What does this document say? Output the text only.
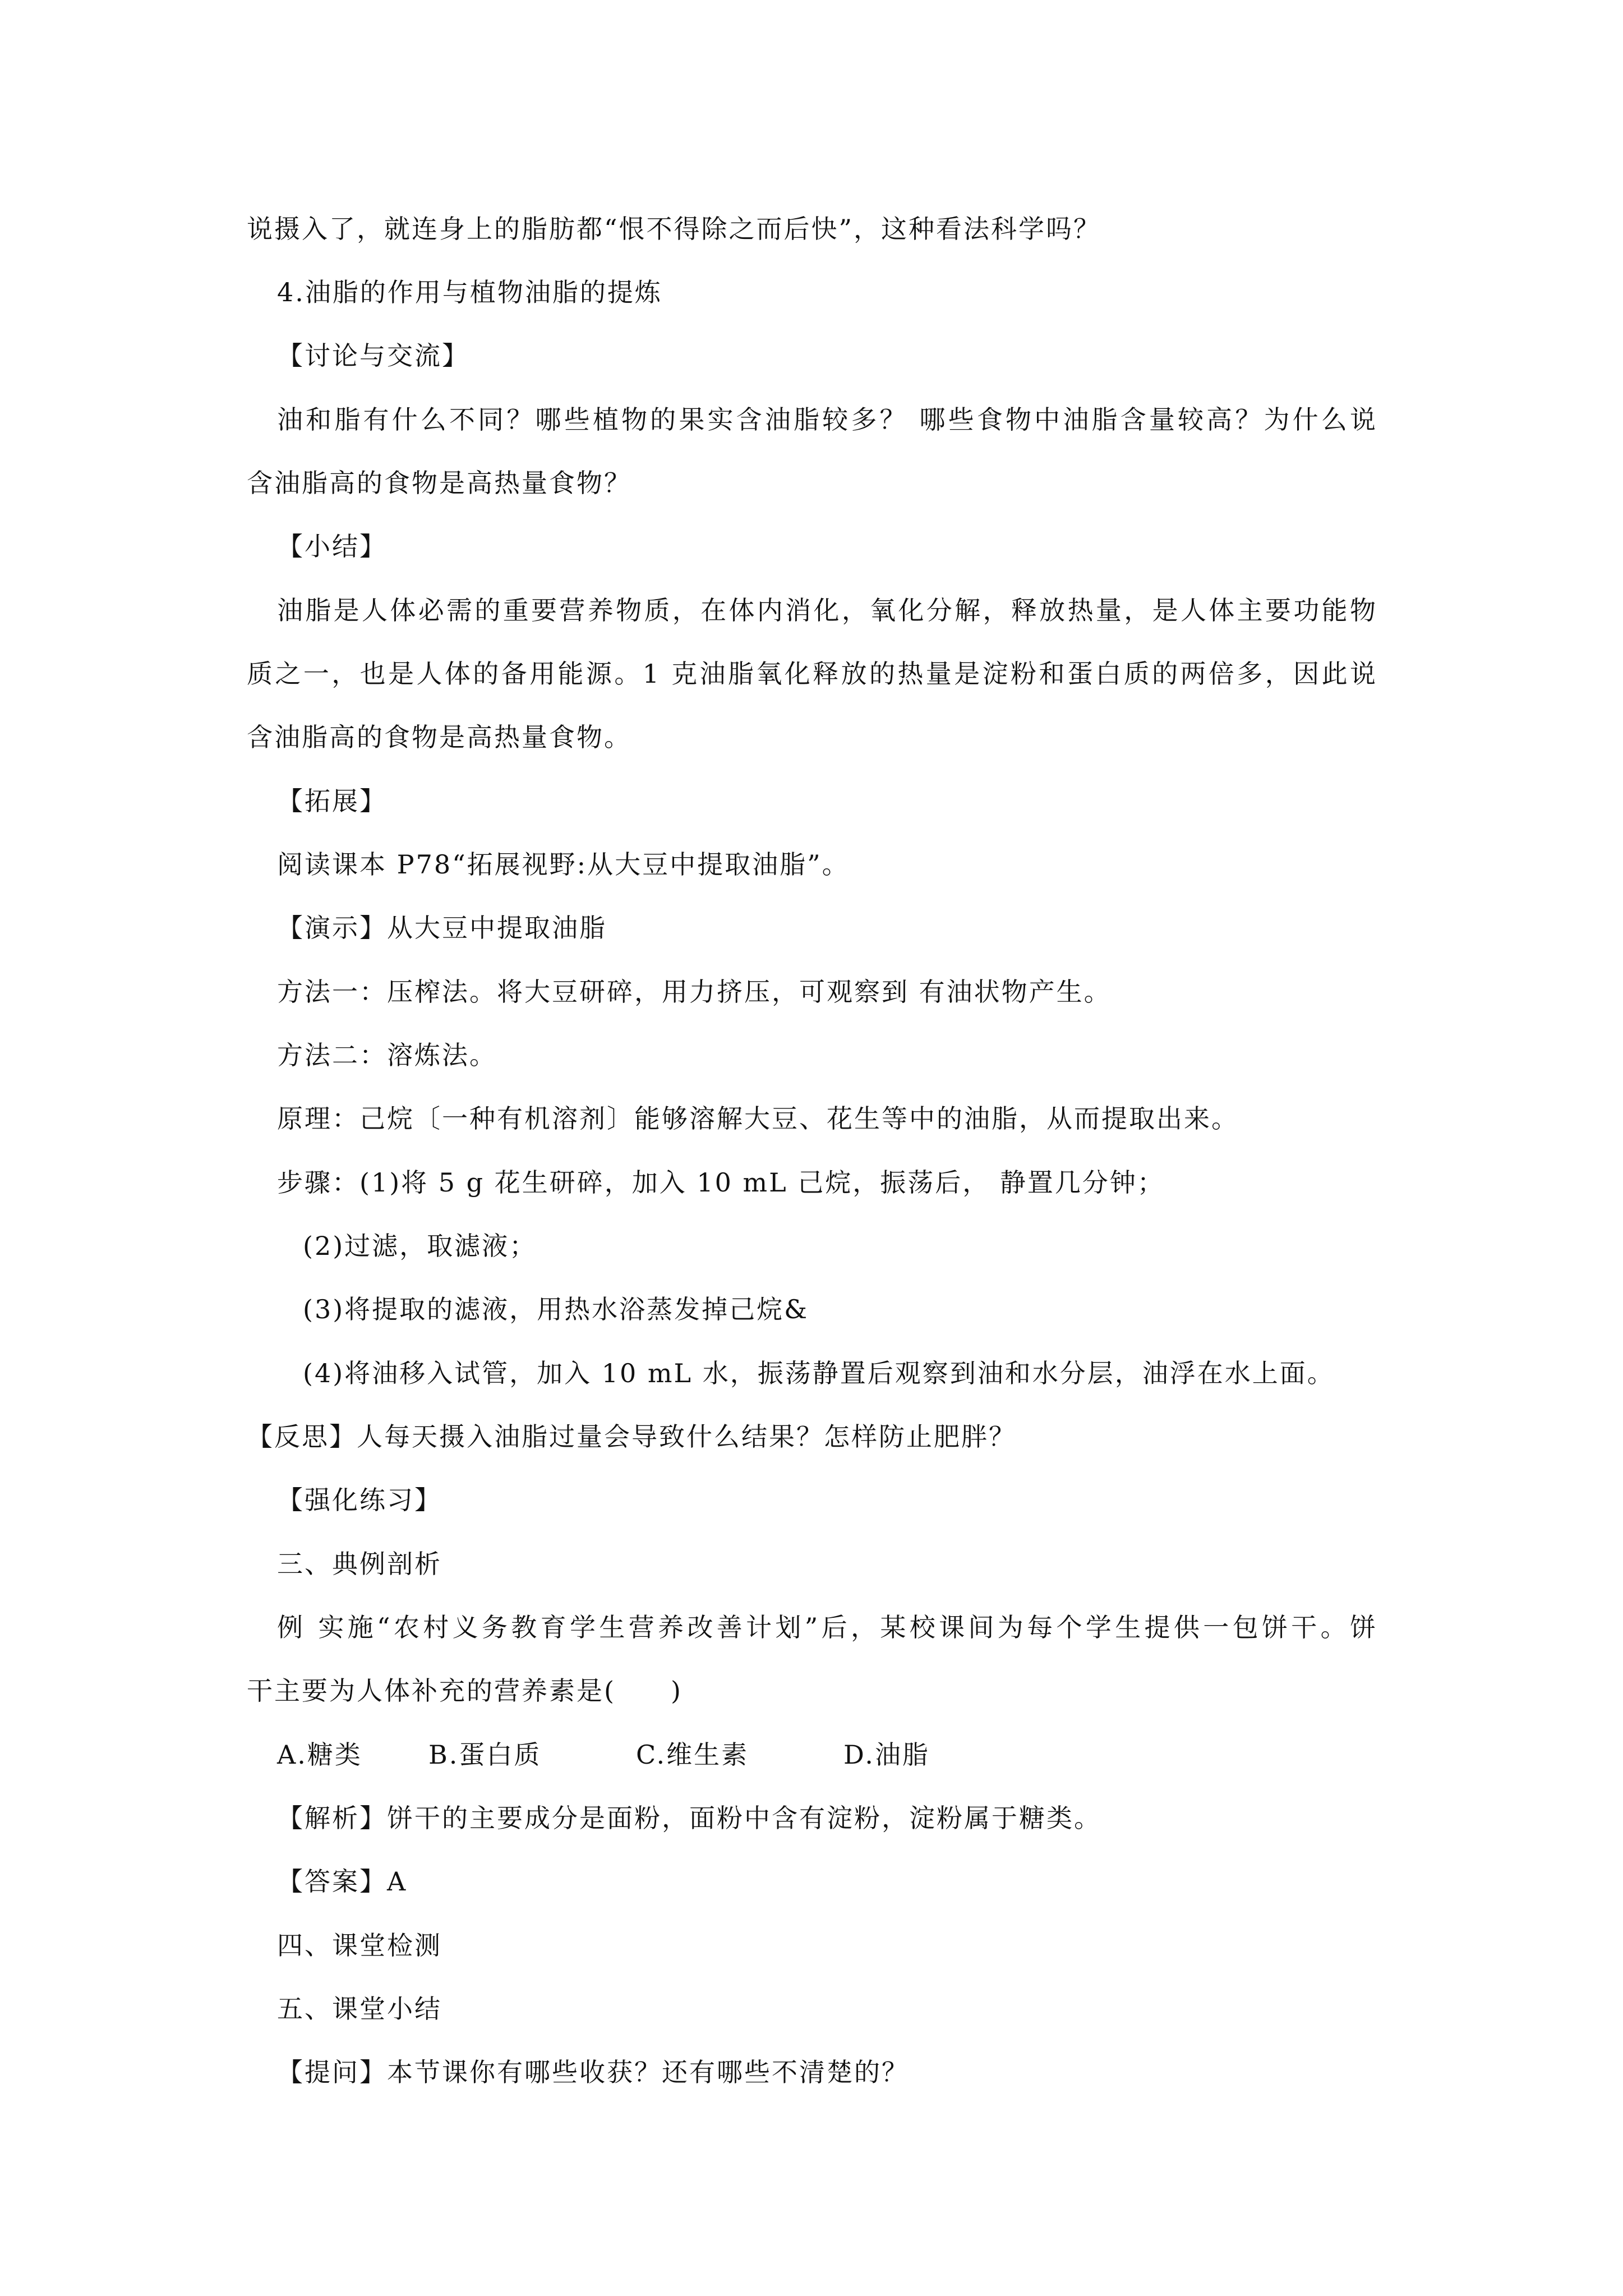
说摄入了，就连身上的脂肪都“恨不得除之而后快”，这种看法科学吗？
4.油脂的作用与植物油脂的提炼
【讨论与交流】
油和脂有什么不同？哪些植物的果实含油脂较多？ 哪些食物中油脂含量较高？为什么说
含油脂高的食物是高热量食物？
【小结】
油脂是人体必需的重要营养物质，在体内消化，氧化分解，释放热量，是人体主要功能物
质之一，也是人体的备用能源。1 克油脂氧化释放的热量是淀粉和蛋白质的两倍多，因此说
含油脂高的食物是高热量食物。
【拓展】
阅读课本 P78“拓展视野:从大豆中提取油脂”。
【演示】从大豆中提取油脂
方法一：压榨法。将大豆研碎，用力挤压，可观察到 有油状物产生。
方法二：溶炼法。
原理：己烷〔一种有机溶剂〕能够溶解大豆、花生等中的油脂，从而提取出来。
步骤：(1)将 5 g 花生研碎，加入 10 mL 己烷，振荡后， 静置几分钟；
(2)过滤，取滤液；
(3)将提取的滤液，用热水浴蒸发掉己烷&
(4)将油移入试管，加入 10 mL 水，振荡静置后观察到油和水分层，油浮在水上面。
【反思】人每天摄入油脂过量会导致什么结果？怎样防止肥胖？
【强化练习】
三、典例剖析
例 实施“农村义务教育学生营养改善计划”后，某校课间为每个学生提供一包饼干。饼
干主要为人体补充的营养素是(　　)
A.糖类	B.蛋白质	C.维生素	D.油脂
【解析】饼干的主要成分是面粉，面粉中含有淀粉，淀粉属于糖类。
【答案】A
四、课堂检测
五、课堂小结
【提问】本节课你有哪些收获？还有哪些不清楚的？
